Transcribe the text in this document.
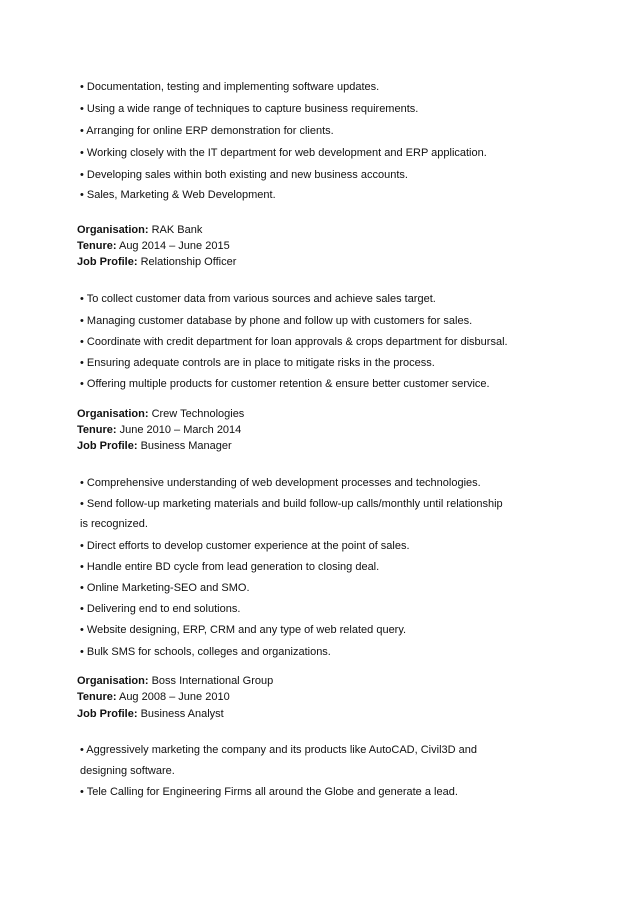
• Documentation, testing and implementing software updates.
• Using a wide range of techniques to capture business requirements.
• Arranging for online ERP demonstration for clients.
• Working closely with the IT department for web development and ERP application.
• Developing sales within both existing and new business accounts.
• Sales, Marketing & Web Development.
Organisation: RAK Bank
Tenure: Aug 2014 – June 2015
Job Profile: Relationship Officer
• To collect customer data from various sources and achieve sales target.
• Managing customer database by phone and follow up with customers for sales.
• Coordinate with credit department for loan approvals & crops department for disbursal.
• Ensuring adequate controls are in place to mitigate risks in the process.
• Offering multiple products for customer retention & ensure better customer service.
Organisation: Crew Technologies
Tenure: June 2010 – March 2014
Job Profile: Business Manager
• Comprehensive understanding of web development processes and technologies.
• Send follow-up marketing materials and build follow-up calls/monthly until relationship
is recognized.
• Direct efforts to develop customer experience at the point of sales.
• Handle entire BD cycle from lead generation to closing deal.
• Online Marketing-SEO and SMO.
• Delivering end to end solutions.
• Website designing, ERP, CRM and any type of web related query.
• Bulk SMS for schools, colleges and organizations.
Organisation: Boss International Group
Tenure: Aug 2008 – June 2010
Job Profile: Business Analyst
• Aggressively marketing the company and its products like AutoCAD, Civil3D and
designing software.
• Tele Calling for Engineering Firms all around the Globe and generate a lead.
